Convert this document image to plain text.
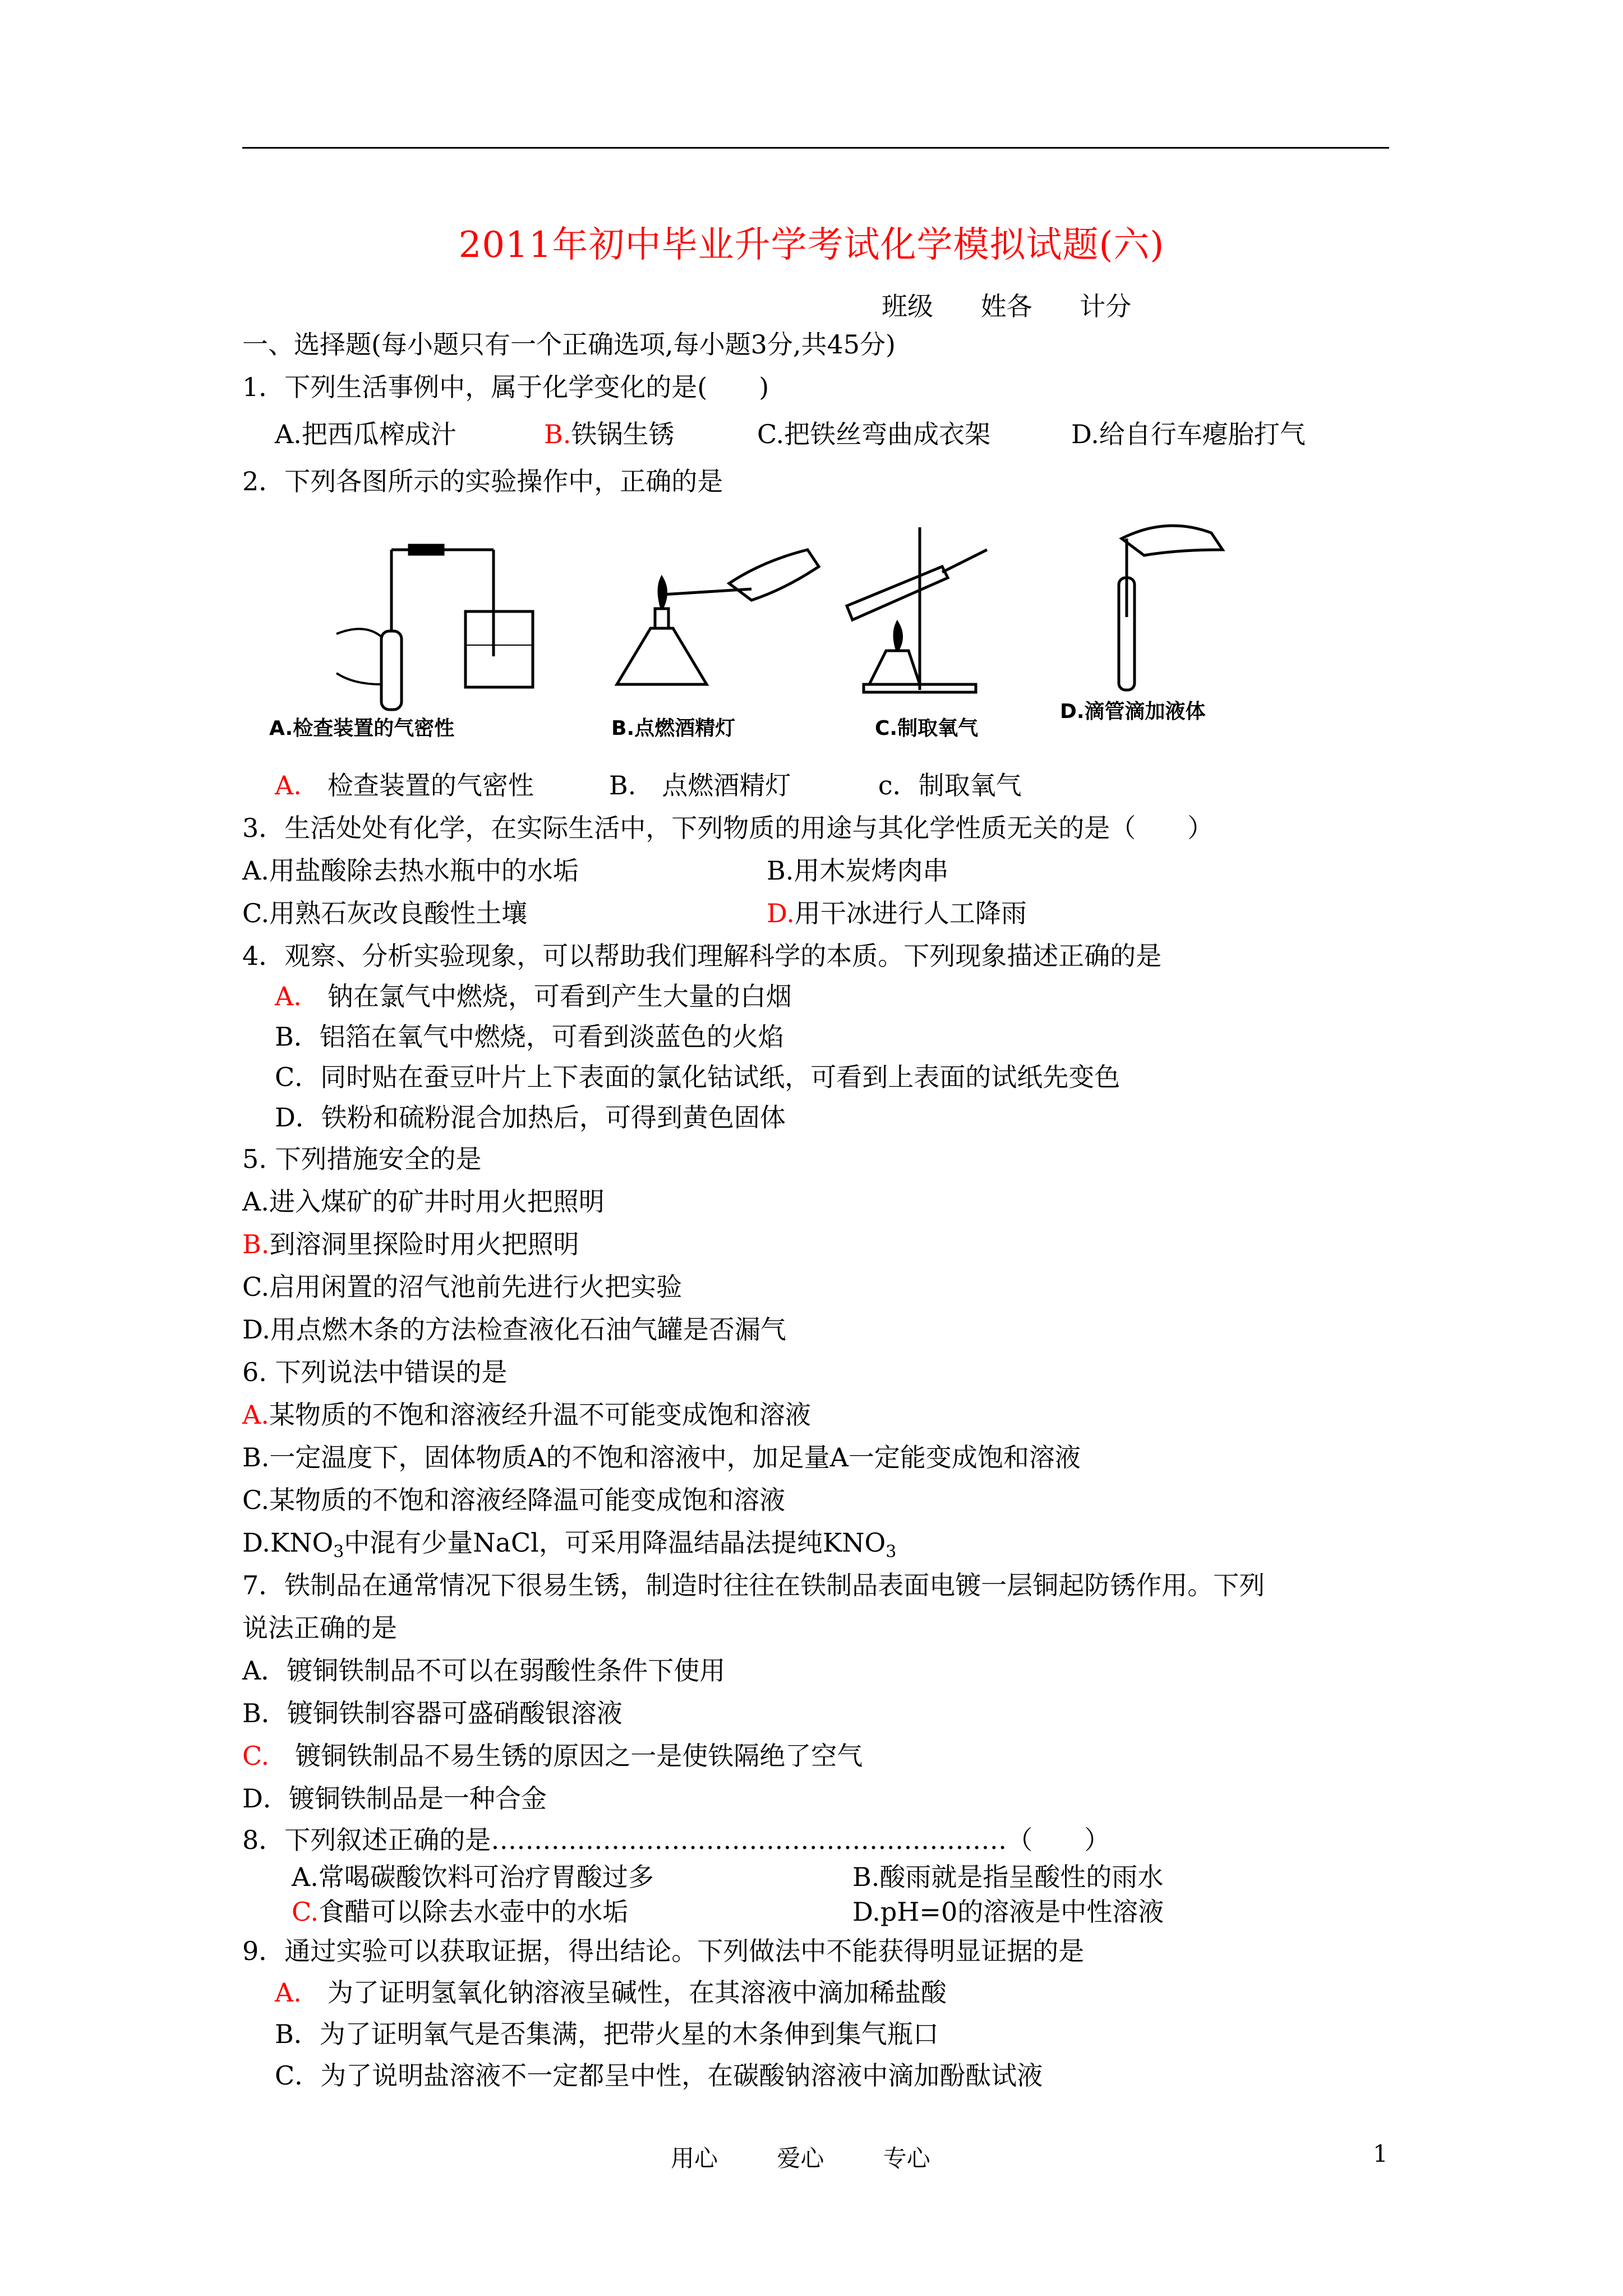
2011年初中毕业升学考试化学模拟试题(六)
班级 姓各 计分
一、选择题(每小题只有一个正确选项,每小题3分,共45分)
1．下列生活事例中，属于化学变化的是(　　)
A.把西瓜榨成汁	B.铁锅生锈	C.把铁丝弯曲成衣架	D.给自行车瘪胎打气
2．下列各图所示的实验操作中，正确的是
A.检查装置的气密性	B.点燃酒精灯	C.制取氧气
D.滴管滴加液体
A.　检查装置的气密性	B.　点燃酒精灯	c．制取氧气
3．生活处处有化学，在实际生活中，下列物质的用途与其化学性质无关的是（　　）
A.用盐酸除去热水瓶中的水垢	B.用木炭烤肉串
C.用熟石灰改良酸性土壤	D.用干冰进行人工降雨
4．观察、分析实验现象，可以帮助我们理解科学的本质。下列现象描述正确的是
A.　钠在氯气中燃烧，可看到产生大量的白烟
B．铝箔在氧气中燃烧，可看到淡蓝色的火焰
C．同时贴在蚕豆叶片上下表面的氯化钴试纸，可看到上表面的试纸先变色
D．铁粉和硫粉混合加热后，可得到黄色固体
5. 下列措施安全的是
A.进入煤矿的矿井时用火把照明
B.到溶洞里探险时用火把照明
C.启用闲置的沼气池前先进行火把实验
D.用点燃木条的方法检查液化石油气罐是否漏气
6. 下列说法中错误的是
A.某物质的不饱和溶液经升温不可能变成饱和溶液
B.一定温度下，固体物质A的不饱和溶液中，加足量A一定能变成饱和溶液
C.某物质的不饱和溶液经降温可能变成饱和溶液
$D.KNO_3$中混有少量NaCl，可采用降温结晶法提纯$KNO_3$
7．铁制品在通常情况下很易生锈，制造时往往在铁制品表面电镀一层铜起防锈作用。下列
说法正确的是
A．镀铜铁制品不可以在弱酸性条件下使用
B．镀铜铁制容器可盛硝酸银溶液
C.　镀铜铁制品不易生锈的原因之一是使铁隔绝了空气
D．镀铜铁制品是一种合金
8．下列叙述正确的是……………………………………………………（　　）
A.常喝碳酸饮料可治疗胃酸过多	B.酸雨就是指呈酸性的雨水
C.食醋可以除去水壶中的水垢	D.pH=0的溶液是中性溶液
9．通过实验可以获取证据，得出结论。下列做法中不能获得明显证据的是
A.　为了证明氢氧化钠溶液呈碱性，在其溶液中滴加稀盐酸
B．为了证明氧气是否集满，把带火星的木条伸到集气瓶口
C．为了说明盐溶液不一定都呈中性，在碳酸钠溶液中滴加酚酞试液
用心	爱心	专心	1
